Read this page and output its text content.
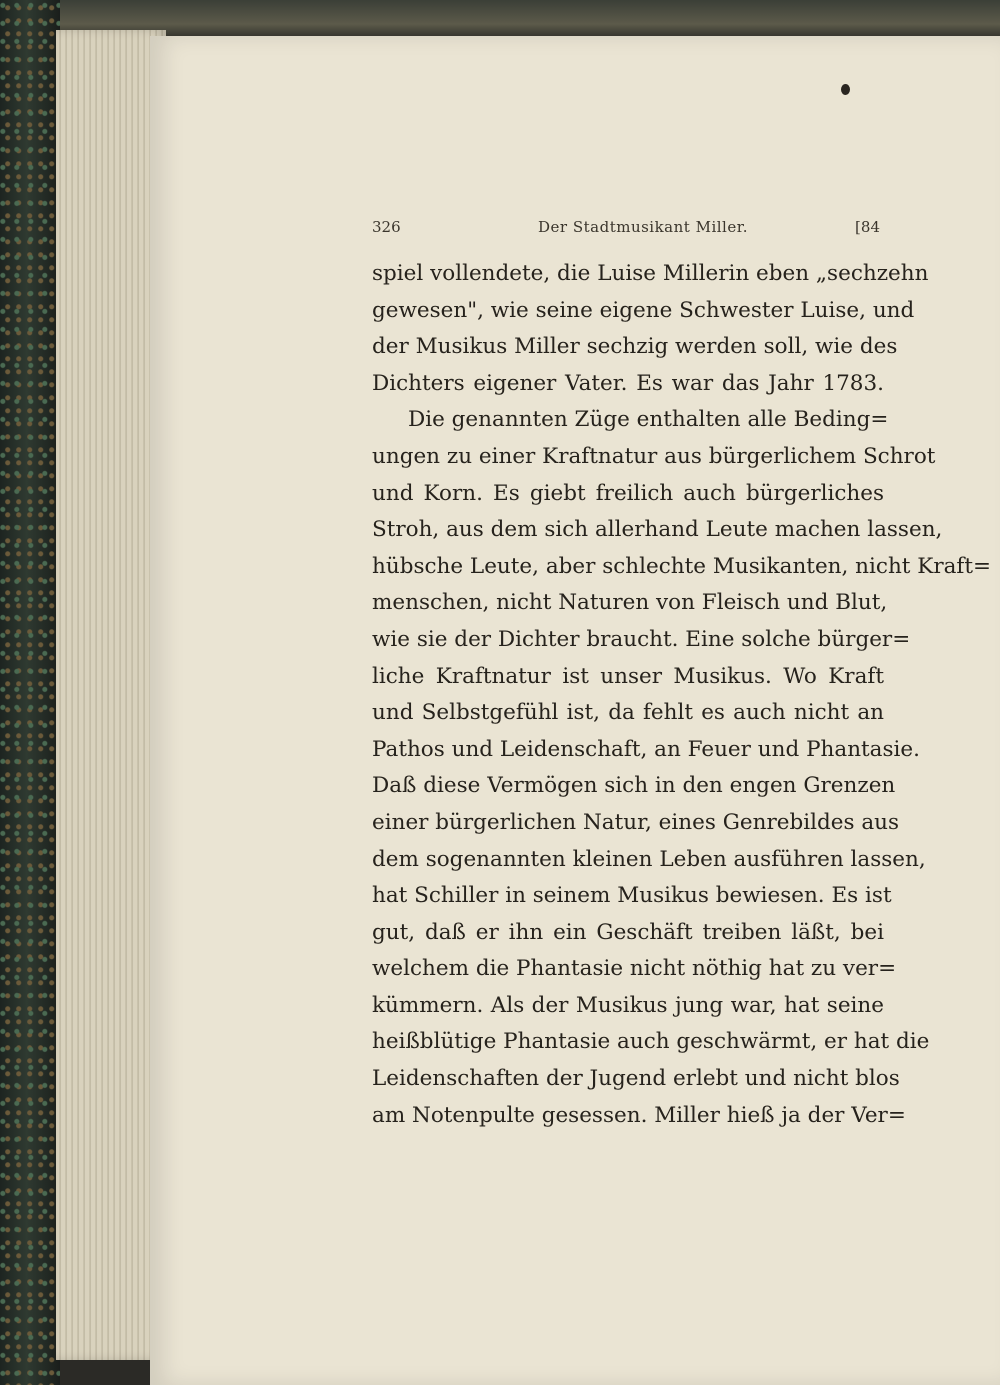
326	Der Stadtmusikant Miller.	[84
spiel vollendete, die Luise Millerin eben „sechzehn
gewesen", wie seine eigene Schwester Luise, und
der Musikus Miller sechzig werden soll, wie des
Dichters eigener Vater. Es war das Jahr 1783.
Die genannten Züge enthalten alle Beding=
ungen zu einer Kraftnatur aus bürgerlichem Schrot
und Korn. Es giebt freilich auch bürgerliches
Stroh, aus dem sich allerhand Leute machen lassen,
hübsche Leute, aber schlechte Musikanten, nicht Kraft=
menschen, nicht Naturen von Fleisch und Blut,
wie sie der Dichter braucht. Eine solche bürger=
liche Kraftnatur ist unser Musikus. Wo Kraft
und Selbstgefühl ist, da fehlt es auch nicht an
Pathos und Leidenschaft, an Feuer und Phantasie.
Daß diese Vermögen sich in den engen Grenzen
einer bürgerlichen Natur, eines Genrebildes aus
dem sogenannten kleinen Leben ausführen lassen,
hat Schiller in seinem Musikus bewiesen. Es ist
gut, daß er ihn ein Geschäft treiben läßt, bei
welchem die Phantasie nicht nöthig hat zu ver=
kümmern. Als der Musikus jung war, hat seine
heißblütige Phantasie auch geschwärmt, er hat die
Leidenschaften der Jugend erlebt und nicht blos
am Notenpulte gesessen. Miller hieß ja der Ver=
